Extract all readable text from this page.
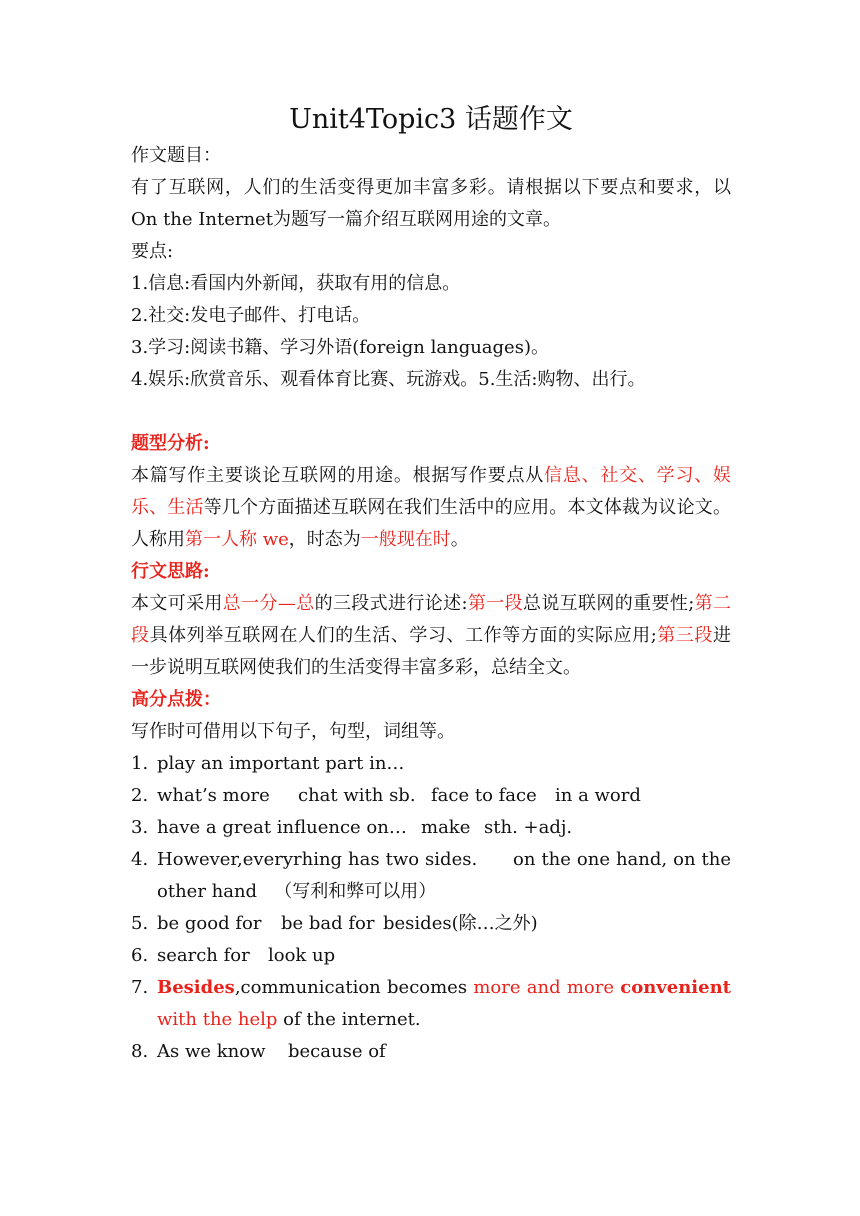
Unit4Topic3 话题作文
作文题目：
有了互联网，人们的生活变得更加丰富多彩。请根据以下要点和要求，以 On the Internet为题写一篇介绍互联网用途的文章。
要点:
1.信息:看国内外新闻，获取有用的信息。
2.社交:发电子邮件、打电话。
3.学习:阅读书籍、学习外语(foreign languages)。
4.娱乐:欣赏音乐、观看体育比赛、玩游戏。5.生活:购物、出行。
题型分析:
本篇写作主要谈论互联网的用途。根据写作要点从信息、社交、学习、娱乐、生活等几个方面描述互联网在我们生活中的应用。本文体裁为议论文。人称用第一人称 we，时态为一般现在时。
行文思路:
本文可采用总一分—总的三段式进行论述:第一段总说互联网的重要性;第二段具体列举互联网在人们的生活、学习、工作等方面的实际应用;第三段进一步说明互联网使我们的生活变得丰富多彩，总结全文。
高分点拨：
写作时可借用以下句子，句型，词组等。
1. play an important part in…
2. what’s more chat with sb. face to face in a word
3. have a great influence on… make sth. +adj.
4. However,everyrhing has two sides. on the one hand, on the other hand （写利和弊可以用）
5. be good for be bad for besides(除…之外)
6. search for look up
7. Besides,communication becomes more and more convenient with the help of the internet.
8. As we know because of
